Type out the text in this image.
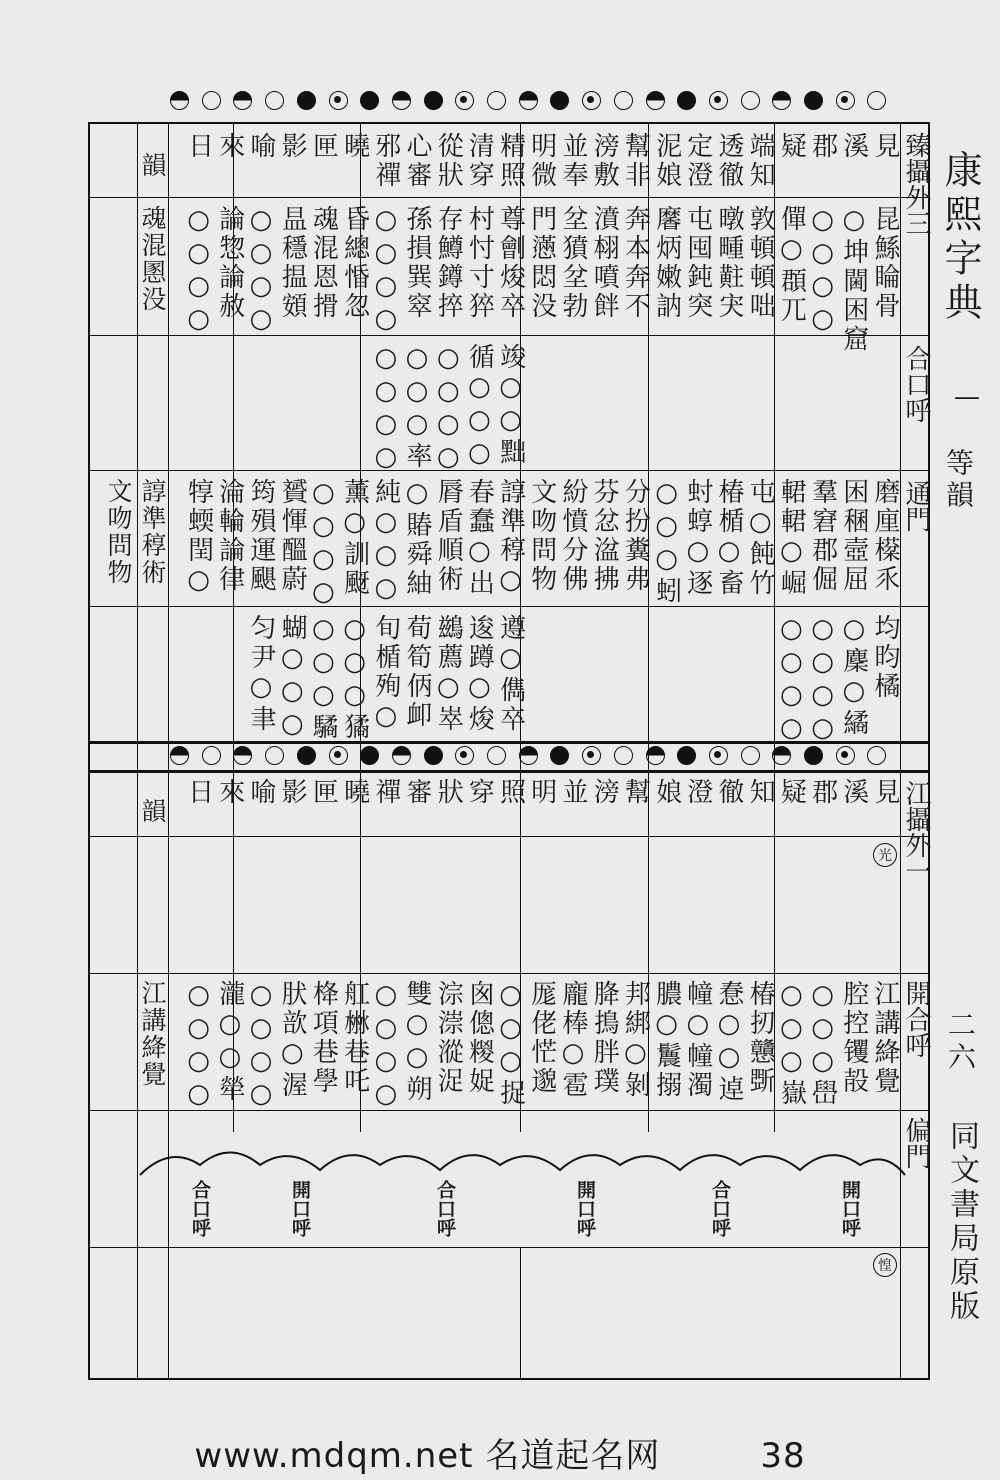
康熙字典
—
等韻
二六
同文書局原版
臻攝外三
合口呼
通門
江攝外一
光
開合呼
偏門
惶
韻
魂混慁没
諄準稕術
文吻問物
韻
江講絳覺
見
溪
郡
疑
端知
透徹
定澄
泥娘
幫非
滂敷
並奉
明微
精照
清穿
從狀
心審
邪禪
曉
匣
影
喻
來
日
昆鯀睔骨
○坤閫困窟
○○○○
僤○頵兀
敦頓頓咄
暾畽黈宊
屯囤鈍突
黁炳嫩訥
奔本奔不
濆翉噴䬳
坌獖坌勃
門懣悶没
尊劊焌卒
村忖寸猝
存鱒鐏捽
孫損巽窣
○○○○
昏總惛忽
魂混恩搰
昷穩揾頞
○○○○
論惣論赦
○○○○
竣○○黜
循○○○
○○○○
○○○率
○○○○
磨㢆㯣乑
困稛壼屈
羣窘郡倔
輑輑○崛
屯○飩竹
椿楯○畜
䖞蜳○逐
○○○蚓
分扮糞弗
芬忿湓拂
紛憤分佛
文吻問物
諄準稕○
春蠢○出
脣盾順術
○賰舜紬
純○○○
薰○訓颬
○○○○
贇惲醞蔚
筠殞運颶
淪輪論律
犉蝡閏○
均昀橘
○麇○繘
○○○○
○○○○
遵○儁卒
逡蹲○焌
鷀薦○崒
荀筍㑂卹
旬楯殉○
○○○獝
○○○驈
蝴○○○
匀尹○聿
見
溪
郡
疑
知
徹
澄
娘
幫
滂
並
明
照
穿
狀
審
禪
曉
匣
影
喻
來
日
江講絳覺
腔控䦆㱿
○○○嶨
○○○嶽
椿扨戇斲
惷○○逴
幢○幢濁
膿○鬞搦
邦綁○剝
胮㨶胖璞
龐棒○雹
厖佬恾邈
○○○捉
囪傯糉娖
淙漴漎浞
雙○○朔
○○○○
舡㴇巷吒
栙項巷學
肰㰴○渥
○○○○
瀧○○犖
○○○○
開口呼
合口呼
開口呼
合口呼
開口呼
合口呼
www.mdqm.net 名道起名网	38
